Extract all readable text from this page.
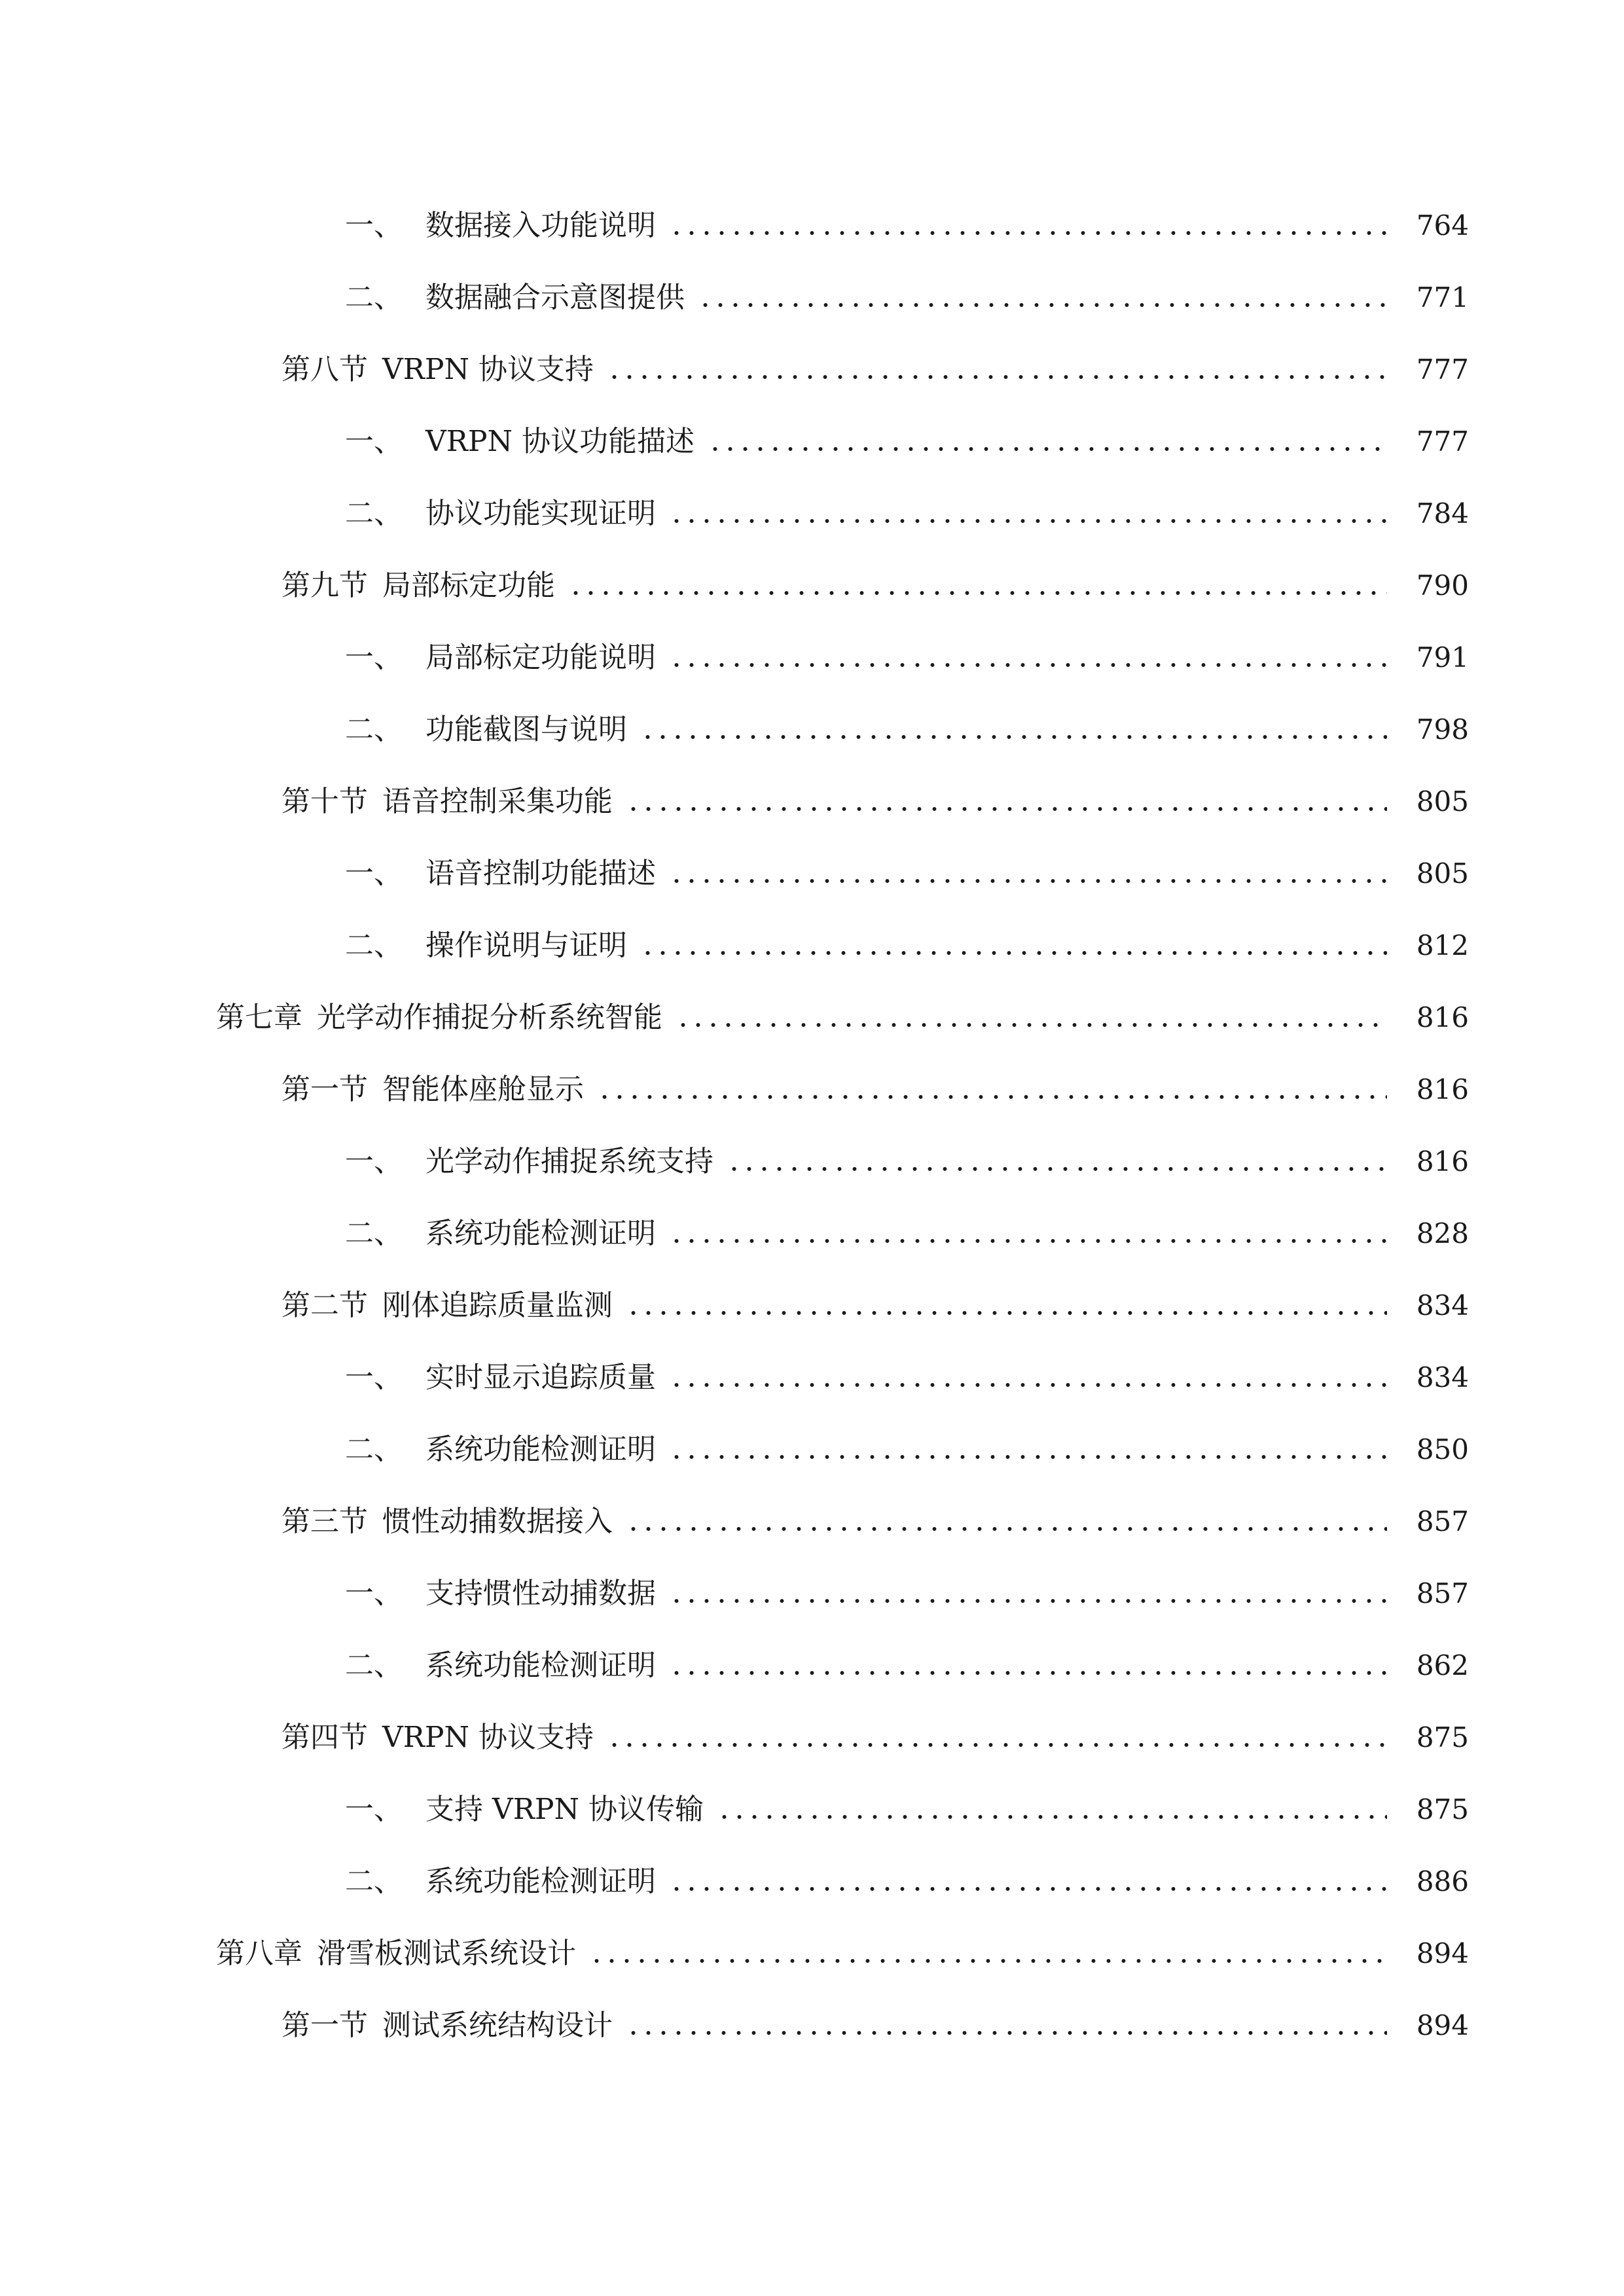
一、 数据接入功能说明	764
二、 数据融合示意图提供	771
第八节 VRPN 协议支持	777
一、 VRPN 协议功能描述	777
二、 协议功能实现证明	784
第九节 局部标定功能	790
一、 局部标定功能说明	791
二、 功能截图与说明	798
第十节 语音控制采集功能	805
一、 语音控制功能描述	805
二、 操作说明与证明	812
第七章 光学动作捕捉分析系统智能	816
第一节 智能体座舱显示	816
一、 光学动作捕捉系统支持	816
二、 系统功能检测证明	828
第二节 刚体追踪质量监测	834
一、 实时显示追踪质量	834
二、 系统功能检测证明	850
第三节 惯性动捕数据接入	857
一、 支持惯性动捕数据	857
二、 系统功能检测证明	862
第四节 VRPN 协议支持	875
一、 支持 VRPN 协议传输	875
二、 系统功能检测证明	886
第八章 滑雪板测试系统设计	894
第一节 测试系统结构设计	894
